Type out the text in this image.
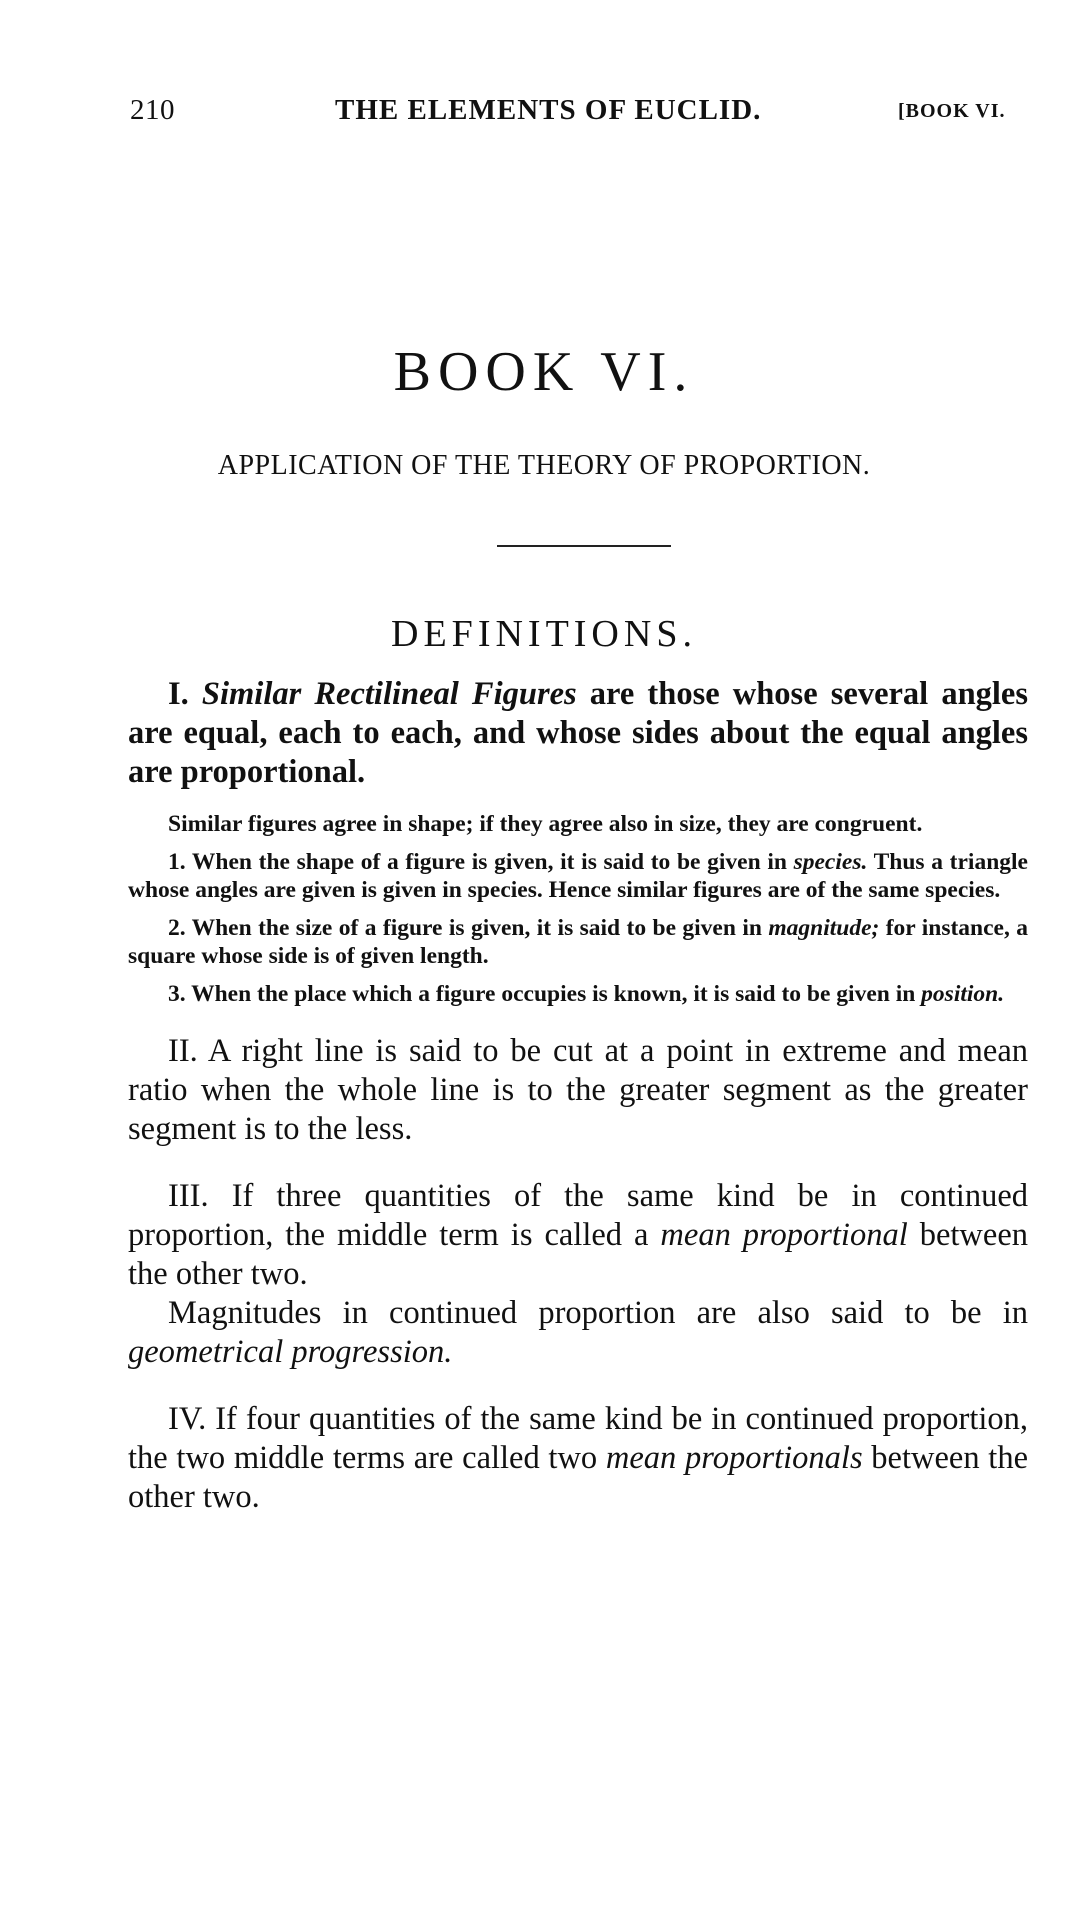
210	THE ELEMENTS OF EUCLID.	[BOOK VI.
BOOK VI.
APPLICATION OF THE THEORY OF PROPORTION.
DEFINITIONS.

I. Similar Rectilineal Figures are those whose several angles are equal, each to each, and whose sides about the equal angles are proportional.

Similar figures agree in shape; if they agree also in size, they are congruent.

1. When the shape of a figure is given, it is said to be given in species. Thus a triangle whose angles are given is given in species. Hence similar figures are of the same species.

2. When the size of a figure is given, it is said to be given in magnitude; for instance, a square whose side is of given length.

3. When the place which a figure occupies is known, it is said to be given in position.

II. A right line is said to be cut at a point in extreme and mean ratio when the whole line is to the greater segment as the greater segment is to the less.

III. If three quantities of the same kind be in continued proportion, the middle term is called a mean proportional between the other two.

Magnitudes in continued proportion are also said to be in geometrical progression.

IV. If four quantities of the same kind be in continued proportion, the two middle terms are called two mean proportionals between the other two.
